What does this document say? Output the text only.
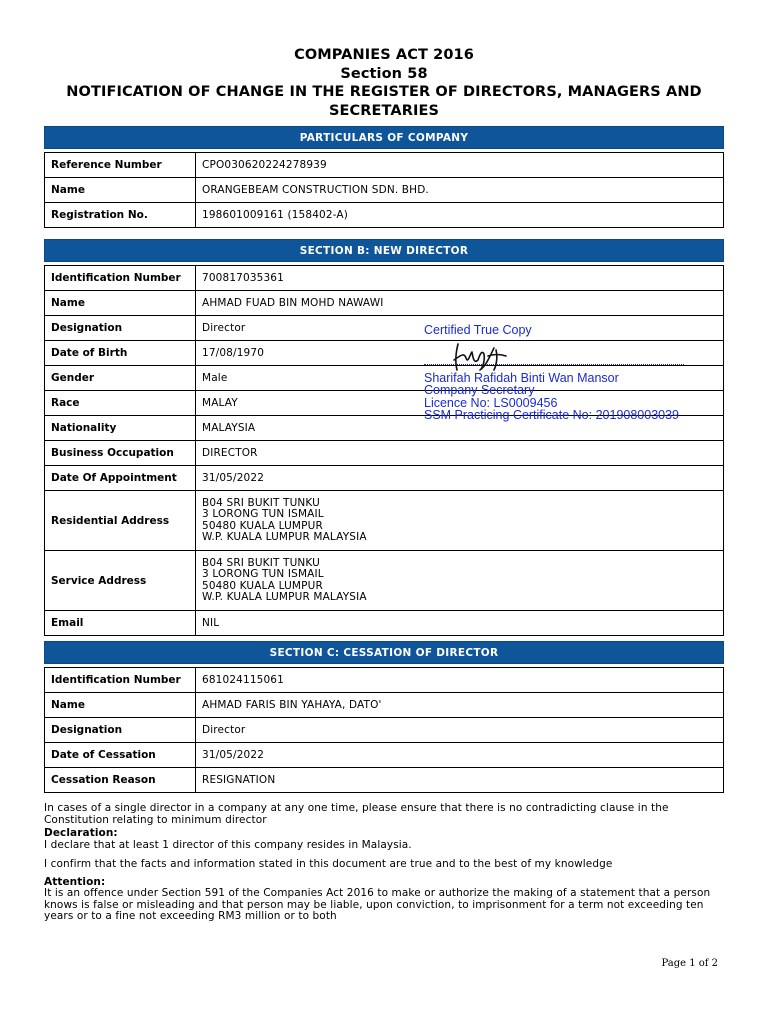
COMPANIES ACT 2016
Section 58
NOTIFICATION OF CHANGE IN THE REGISTER OF DIRECTORS, MANAGERS AND
SECRETARIES
PARTICULARS OF COMPANY
Reference Number	CPO030620224278939
Name	ORANGEBEAM CONSTRUCTION SDN. BHD.
Registration No.	198601009161 (158402-A)
SECTION B: NEW DIRECTOR
Identification Number	700817035361
Name	AHMAD FUAD BIN MOHD NAWAWI
Designation	Director
Date of Birth	17/08/1970
Gender	Male
Race	MALAY
Nationality	MALAYSIA
Business Occupation	DIRECTOR
Date Of Appointment	31/05/2022
Residential Address	B04 SRI BUKIT TUNKU
3 LORONG TUN ISMAIL
50480 KUALA LUMPUR
W.P. KUALA LUMPUR MALAYSIA

Service Address	B04 SRI BUKIT TUNKU
3 LORONG TUN ISMAIL
50480 KUALA LUMPUR
W.P. KUALA LUMPUR MALAYSIA

Email	NIL
SECTION C: CESSATION OF DIRECTOR
Identification Number	681024115061
Name	AHMAD FARIS BIN YAHAYA, DATO'
Designation	Director
Date of Cessation	31/05/2022
Cessation Reason	RESIGNATION

In cases of a single director in a company at any one time, please ensure that there is no contradicting clause in the Constitution relating to minimum director

Declaration:

I declare that at least 1 director of this company resides in Malaysia.

I confirm that the facts and information stated in this document are true and to the best of my knowledge

Attention:

It is an offence under Section 591 of the Companies Act 2016 to make or authorize the making of a statement that a person knows is false or misleading and that person may be liable, upon conviction, to imprisonment for a term not exceeding ten years or to a fine not exceeding RM3 million or to both

Certified True Copy
Sharifah Rafidah Binti Wan Mansor
Company Secretary
Licence No: LS0009456
SSM Practicing Certificate No: 201908003039
Page 1 of 2
